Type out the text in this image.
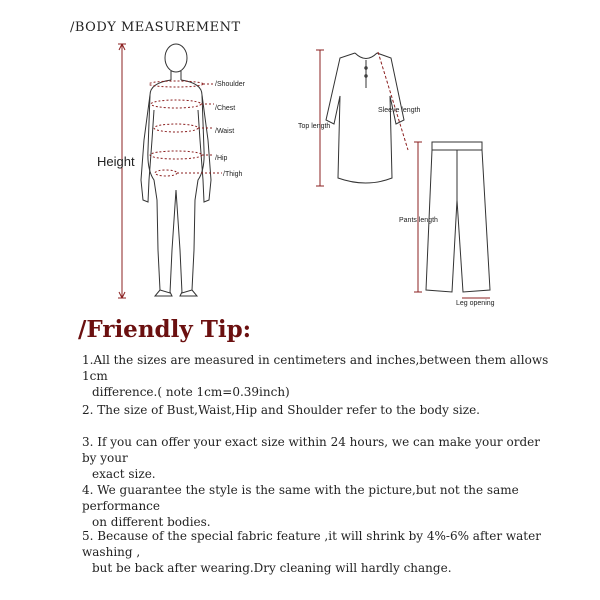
/BODY MEASUREMENT
Height
/Shoulder
/Chest
/Waist
/Hip
/Thigh
Top length
Sleeve length
Pants length
Leg opening
/Friendly Tip:
1.All the sizes are measured in centimeters and inches,between them allows 1cm
difference.( note 1cm=0.39inch)
2. The size of Bust,Waist,Hip and Shoulder refer to the body size.
3. If you can offer your exact size within 24 hours, we can make your order by your
exact size.
4. We guarantee the style is the same with the picture,but not the same performance
on different bodies.
5. Because of the special fabric feature ,it will shrink by 4%-6% after water washing ,
but be back after wearing.Dry cleaning will hardly change.
